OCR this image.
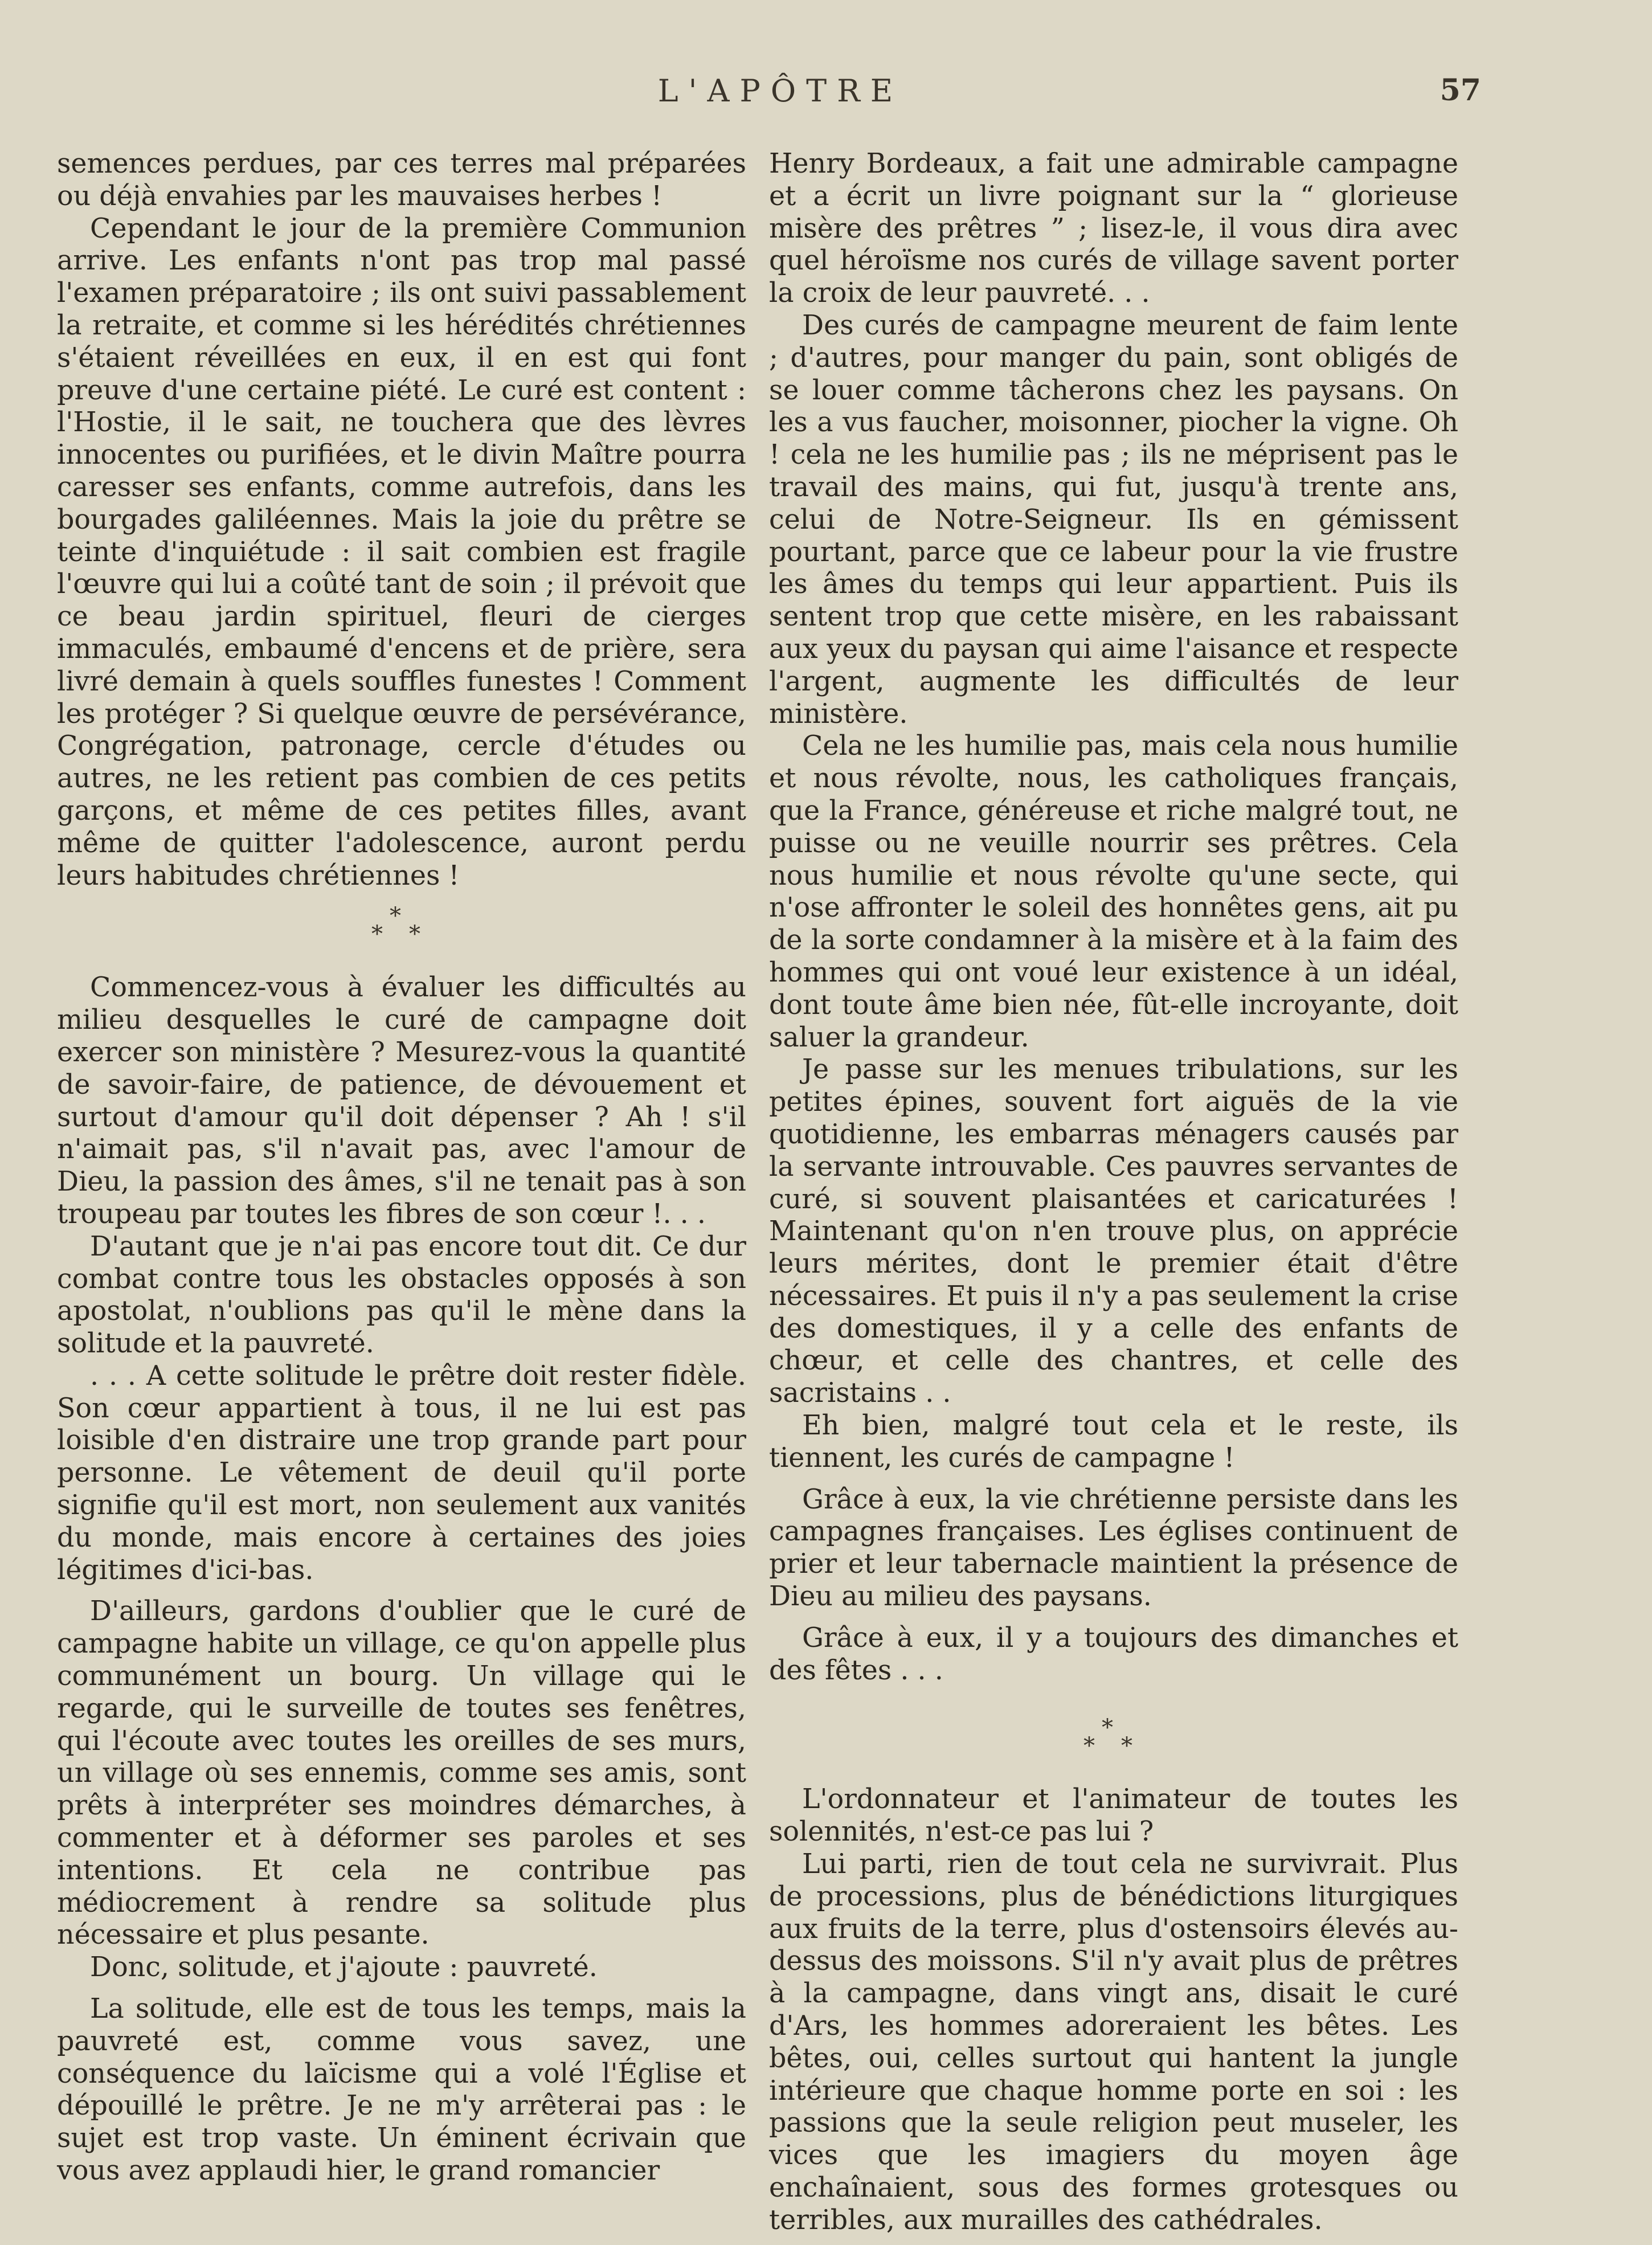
L'APÔTRE	57

semences perdues, par ces terres mal préparées ou déjà envahies par les mauvaises herbes !

Cependant le jour de la première Communion arrive. Les enfants n'ont pas trop mal passé l'examen préparatoire ; ils ont suivi passablement la retraite, et comme si les hérédités chrétiennes s'étaient réveillées en eux, il en est qui font preuve d'une certaine piété. Le curé est content : l'Hostie, il le sait, ne touchera que des lèvres innocentes ou purifiées, et le divin Maître pourra caresser ses enfants, comme autrefois, dans les bourgades galiléennes. Mais la joie du prêtre se teinte d'inquiétude : il sait combien est fragile l'œuvre qui lui a coûté tant de soin ; il prévoit que ce beau jardin spirituel, fleuri de cierges immaculés, embaumé d'encens et de prière, sera livré demain à quels souffles funestes ! Comment les protéger ? Si quelque œuvre de persévérance, Congrégation, patronage, cercle d'études ou autres, ne les retient pas combien de ces petits garçons, et même de ces petites filles, avant même de quitter l'adolescence, auront perdu leurs habitudes chrétiennes !

*
* *

Commencez-vous à évaluer les difficultés au milieu desquelles le curé de campagne doit exercer son ministère ? Mesurez-vous la quantité de savoir-faire, de patience, de dévouement et surtout d'amour qu'il doit dépenser ? Ah ! s'il n'aimait pas, s'il n'avait pas, avec l'amour de Dieu, la passion des âmes, s'il ne tenait pas à son troupeau par toutes les fibres de son cœur !. . .

D'autant que je n'ai pas encore tout dit. Ce dur combat contre tous les obstacles opposés à son apostolat, n'oublions pas qu'il le mène dans la solitude et la pauvreté.

. . . A cette solitude le prêtre doit rester fidèle. Son cœur appartient à tous, il ne lui est pas loisible d'en distraire une trop grande part pour personne. Le vêtement de deuil qu'il porte signifie qu'il est mort, non seulement aux vanités du monde, mais encore à certaines des joies légitimes d'ici-bas.

D'ailleurs, gardons d'oublier que le curé de campagne habite un village, ce qu'on appelle plus communément un bourg. Un village qui le regarde, qui le surveille de toutes ses fenêtres, qui l'écoute avec toutes les oreilles de ses murs, un village où ses ennemis, comme ses amis, sont prêts à interpréter ses moindres démarches, à commenter et à déformer ses paroles et ses intentions. Et cela ne contribue pas médiocrement à rendre sa solitude plus nécessaire et plus pesante.

Donc, solitude, et j'ajoute : pauvreté.

La solitude, elle est de tous les temps, mais la pauvreté est, comme vous savez, une conséquence du laïcisme qui a volé l'Église et dépouillé le prêtre. Je ne m'y arrêterai pas : le sujet est trop vaste. Un éminent écrivain que vous avez applaudi hier, le grand romancier

Henry Bordeaux, a fait une admirable campagne et a écrit un livre poignant sur la “ glorieuse misère des prêtres ” ; lisez-le, il vous dira avec quel héroïsme nos curés de village savent porter la croix de leur pauvreté. . .

Des curés de campagne meurent de faim lente ; d'autres, pour manger du pain, sont obligés de se louer comme tâcherons chez les paysans. On les a vus faucher, moisonner, piocher la vigne. Oh ! cela ne les humilie pas ; ils ne méprisent pas le travail des mains, qui fut, jusqu'à trente ans, celui de Notre-Seigneur. Ils en gémissent pourtant, parce que ce labeur pour la vie frustre les âmes du temps qui leur appartient. Puis ils sentent trop que cette misère, en les rabaissant aux yeux du paysan qui aime l'aisance et respecte l'argent, augmente les difficultés de leur ministère.

Cela ne les humilie pas, mais cela nous humilie et nous révolte, nous, les catholiques français, que la France, généreuse et riche malgré tout, ne puisse ou ne veuille nourrir ses prêtres. Cela nous humilie et nous révolte qu'une secte, qui n'ose affronter le soleil des honnêtes gens, ait pu de la sorte condamner à la misère et à la faim des hommes qui ont voué leur existence à un idéal, dont toute âme bien née, fût-elle incroyante, doit saluer la grandeur.

Je passe sur les menues tribulations, sur les petites épines, souvent fort aiguës de la vie quotidienne, les embarras ménagers causés par la servante introuvable. Ces pauvres servantes de curé, si souvent plaisantées et caricaturées ! Maintenant qu'on n'en trouve plus, on apprécie leurs mérites, dont le premier était d'être nécessaires. Et puis il n'y a pas seulement la crise des domestiques, il y a celle des enfants de chœur, et celle des chantres, et celle des sacristains . .

Eh bien, malgré tout cela et le reste, ils tiennent, les curés de campagne !

Grâce à eux, la vie chrétienne persiste dans les campagnes françaises. Les églises continuent de prier et leur tabernacle maintient la présence de Dieu au milieu des paysans.

Grâce à eux, il y a toujours des dimanches et des fêtes . . .

*
* *

L'ordonnateur et l'animateur de toutes les solennités, n'est-ce pas lui ?

Lui parti, rien de tout cela ne survivrait. Plus de processions, plus de bénédictions liturgiques aux fruits de la terre, plus d'ostensoirs élevés au-dessus des moissons. S'il n'y avait plus de prêtres à la campagne, dans vingt ans, disait le curé d'Ars, les hommes adoreraient les bêtes. Les bêtes, oui, celles surtout qui hantent la jungle intérieure que chaque homme porte en soi : les passions que la seule religion peut museler, les vices que les imagiers du moyen âge enchaînaient, sous des formes grotesques ou terribles, aux murailles des cathédrales.
